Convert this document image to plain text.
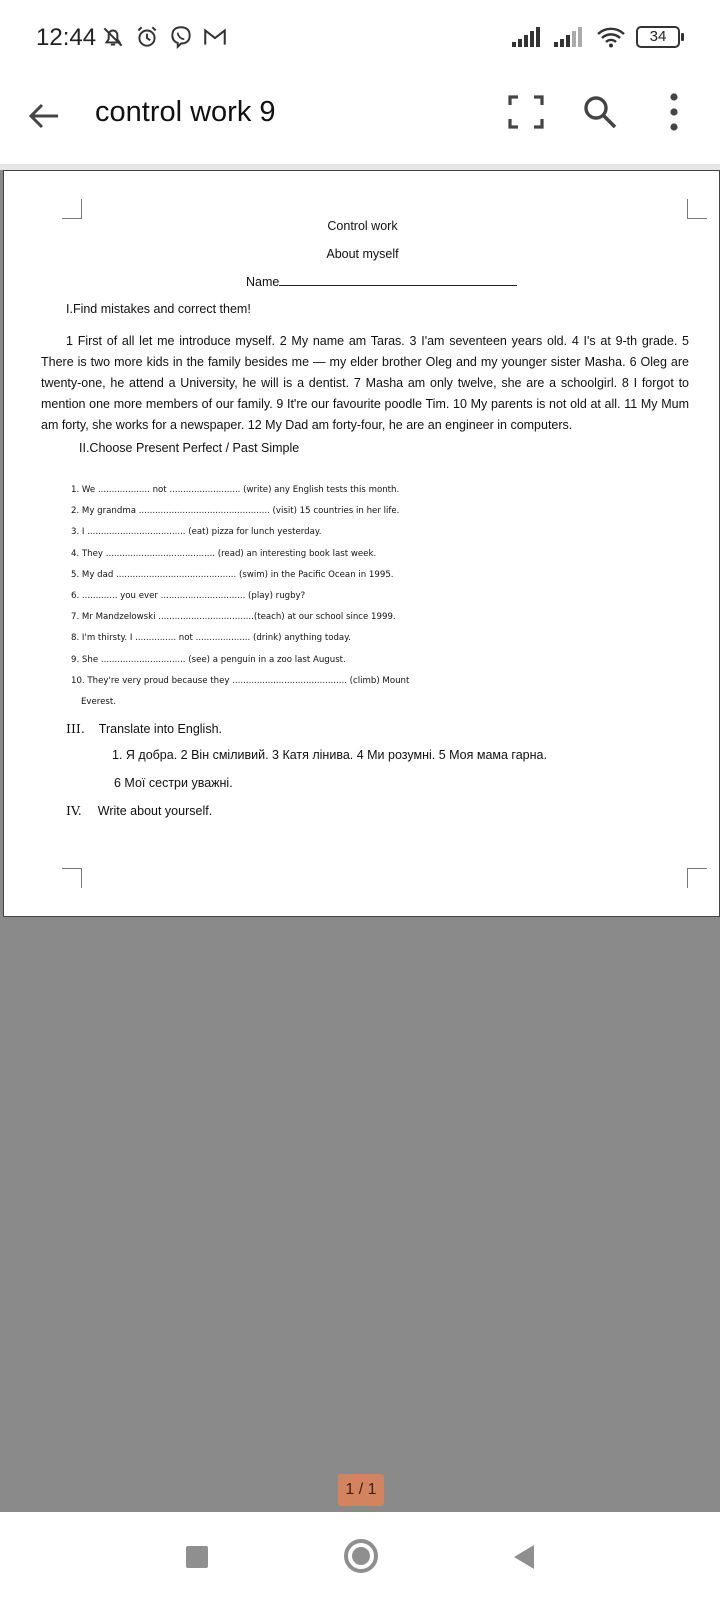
12:44	34
control work 9
Control work
About myself
Name
I.Find mistakes and correct them!
1 First of all let me introduce myself. 2 My name am Taras. 3 I'am seventeen years old. 4 I's at 9-th grade. 5 There is two more kids in the family besides me — my elder brother Oleg and my younger sister Masha. 6 Oleg are twenty-one, he attend a University, he will is a dentist. 7 Masha am only twelve, she are a schoolgirl. 8 I forgot to mention one more members of our family. 9 It're our favourite poodle Tim. 10 My parents is not old at all. 11 My Mum am forty, she works for a newspaper. 12 My Dad am forty-four, he are an engineer in computers.
II.Choose Present Perfect / Past Simple
1. We ................... not .......................... (write) any English tests this month.
2. My grandma ................................................ (visit) 15 countries in her life.
3. I .................................... (eat) pizza for lunch yesterday.
4. They ........................................ (read) an interesting book last week.
5. My dad ............................................ (swim) in the Pacific Ocean in 1995.
6. ............. you ever ............................... (play) rugby?
7. Mr Mandzelowski ...................................(teach) at our school since 1999.
8. I'm thirsty. I ............... not .................... (drink) anything today.
9. She ............................... (see) a penguin in a zoo last August.
10. They're very proud because they .......................................... (climb) Mount
Everest.
III. Translate into English.
1. Я добра. 2 Він сміливий. 3 Катя лінива. 4 Ми розумні. 5 Моя мама гарна.
6 Мої сестри уважні.
IV. Write about yourself.
1 / 1
